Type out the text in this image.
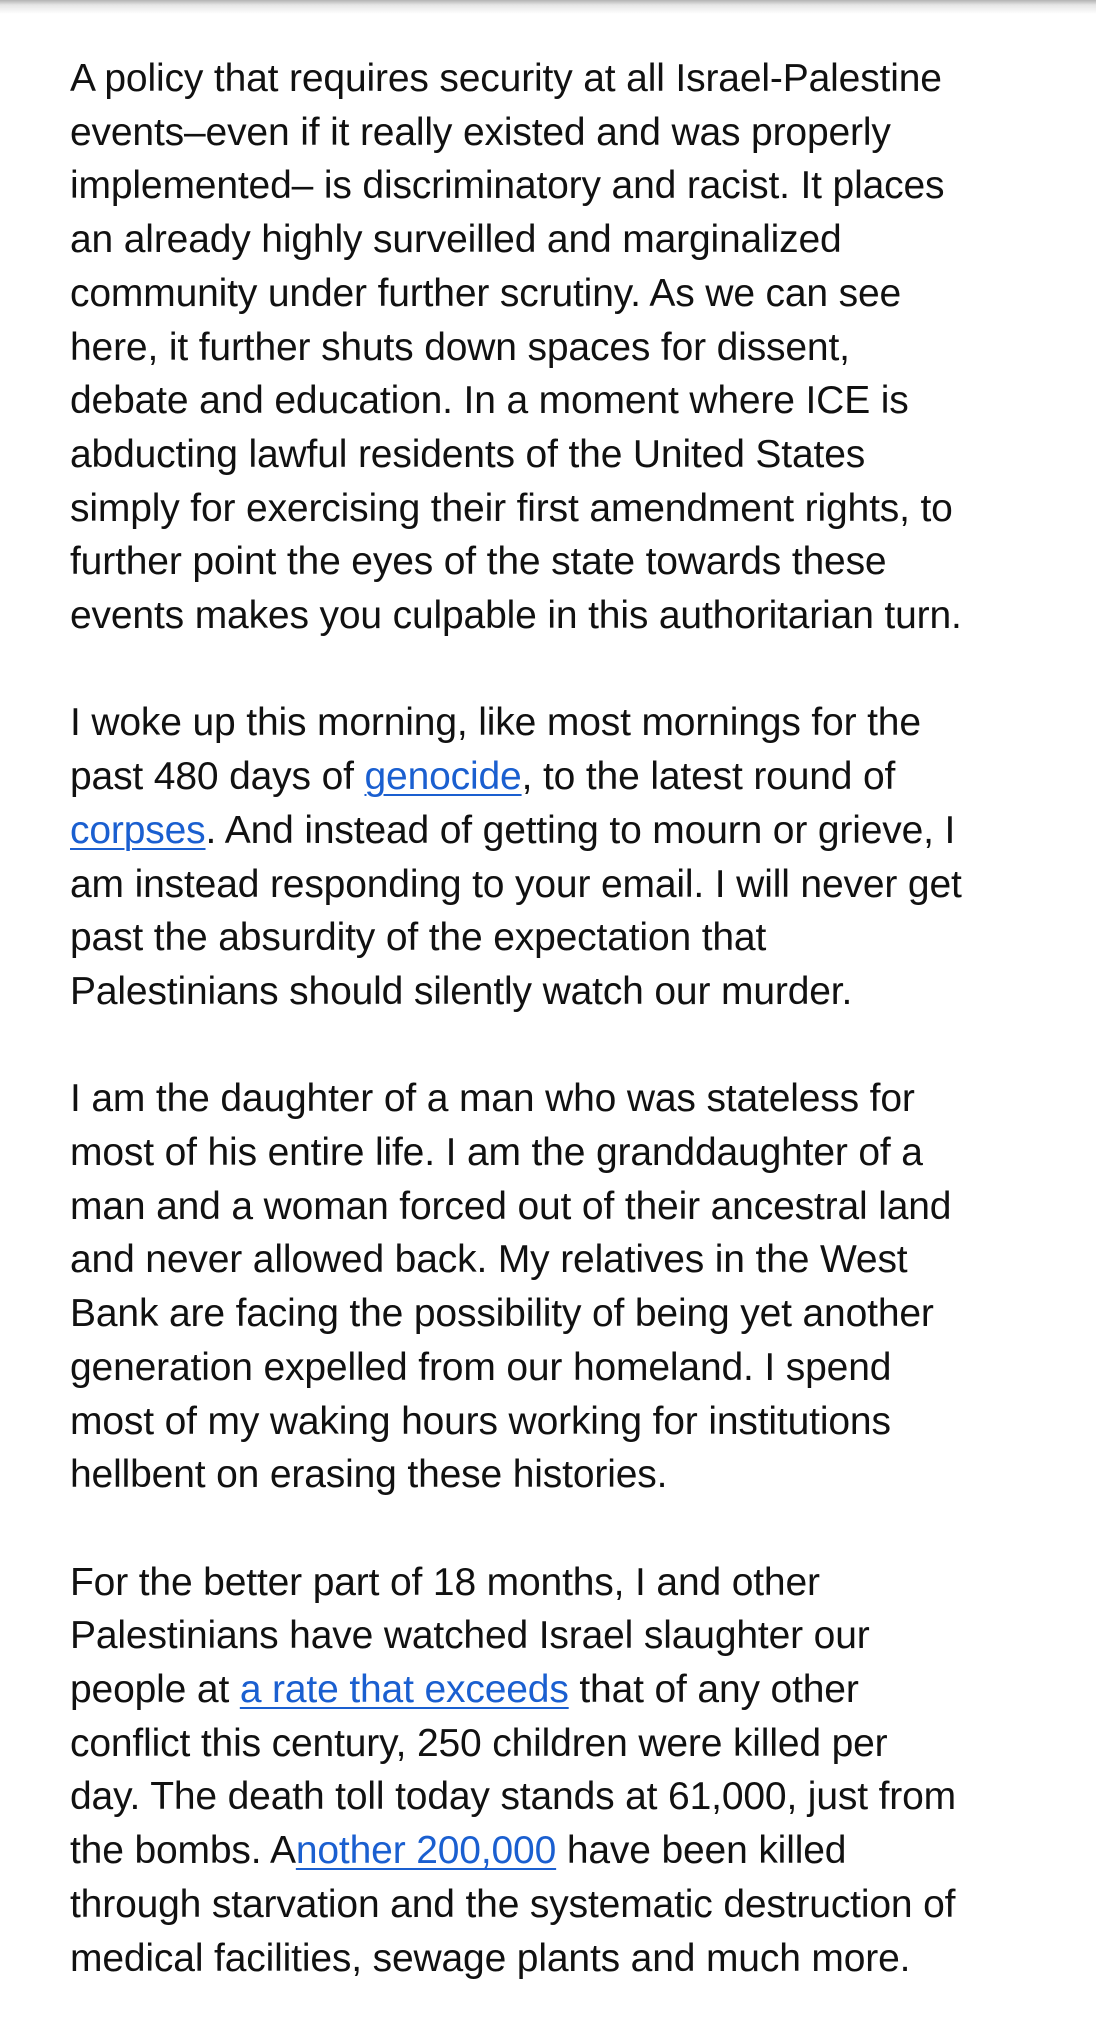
A policy that requires security at all Israel-Palestine
events–even if it really existed and was properly
implemented– is discriminatory and racist. It places
an already highly surveilled and marginalized
community under further scrutiny. As we can see
here, it further shuts down spaces for dissent,
debate and education. In a moment where ICE is
abducting lawful residents of the United States
simply for exercising their first amendment rights, to
further point the eyes of the state towards these
events makes you culpable in this authoritarian turn.

I woke up this morning, like most mornings for the
past 480 days of genocide, to the latest round of
corpses. And instead of getting to mourn or grieve, I
am instead responding to your email. I will never get
past the absurdity of the expectation that
Palestinians should silently watch our murder.

I am the daughter of a man who was stateless for
most of his entire life. I am the granddaughter of a
man and a woman forced out of their ancestral land
and never allowed back. My relatives in the West
Bank are facing the possibility of being yet another
generation expelled from our homeland. I spend
most of my waking hours working for institutions
hellbent on erasing these histories.

For the better part of 18 months, I and other
Palestinians have watched Israel slaughter our
people at a rate that exceeds that of any other
conflict this century, 250 children were killed per
day. The death toll today stands at 61,000, just from
the bombs. Another 200,000 have been killed
through starvation and the systematic destruction of
medical facilities, sewage plants and much more.
